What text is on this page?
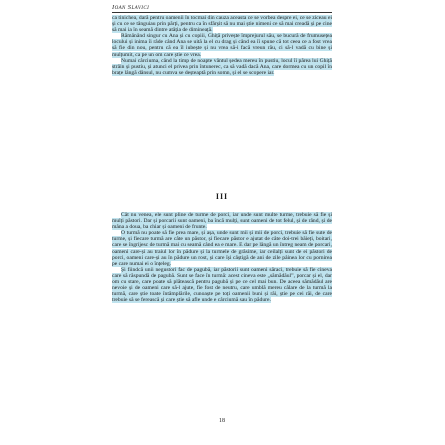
Ioan Slavici

ca tinichea, dară pentru oamenii în tocmai din cauza aceasta ce se vorbea despre ei, ce se ziceau ei și cu ce se tânguiau prin părți, pentru ca în sfârșit să nu mai știe nimeni ce să mai creadă și pe cine să mai ia în seamă dintre atâția de dimineață.

Rămânând singur cu Ana și cu copiii, Ghiță privește împrejurul său, se bucură de frumusețea locului și inima îi râde când Ana se uită la el cu drag și când ea îi spune că tot ceea ce a fost vrea să fie din nou, pentru că ea îl iubește și nu vrea să-i facă vreun rău, ci să-l vadă cu bine și mulțumit, ca pe un om care știe ce vrea.

Numai cârciuma, când la timp de noapte vântul ședea mereu în pustiu, locul îi părea lui Ghiță strâin și pustiu, și atunci el privea prin întunerec, ca să vadă dacă Ana, care dormea cu un copil în brațe lângă dânsul, nu cumva se deșteaptă prin somn, și el se scopere iar.

III

Cât nu venea, ele sunt pline de turme de porci, iar unde sunt multe turme, trebuie să fie și mulți păstori. Dar și porcarii sunt oameni, ba încă mulți, sunt oameni de tot felul, și de rând, și de mâna a doua, ba chiar și oameni de frunte.

O turmă nu poate să fie prea mare, și așa, unde sunt mii și mii de porci, trebuie să fie sute de turme, și fiecare turmă are câte un păstor, și fiecare păstor e ajutat de câte doi-trei băieți, boitari, care se îngrijesc de turmă mai cu seamă când ea e mare. E dar pe lângă un întreg neam de porcari, oameni care-și au traiul lor în pădure și la turmele de grăsime, iar ceilalți sunt de ei păstori de porci, oameni care-și au în pădure un rost, și care își câștigă de ani de zile pâinea lor cu pornirea pe care numai ei o înțeleg.

Și fiindcă unii negustori fac de pagubă, iar păstorii sunt oameni săraci, trebuie să fie cineva care să răspundă de pagubă. Sunt se face în turmă: acest cineva este „sămădăul”, porcar și el, dar om cu stare, care poate să plătească pentru pagubă și pe ce cel mai bun. De aceea sămădăul are nevoie și de oameni care să-l ajute, fie fost de neutru, care umblă mereu călare de la turmă la turmă, care știe toate întâmplările, cunoaște pe toți oamenii buni și răi, știe pe cei răi, de care trebuie să se ferească și care știe să afle unde e cârciumă sau în pădure.

18
